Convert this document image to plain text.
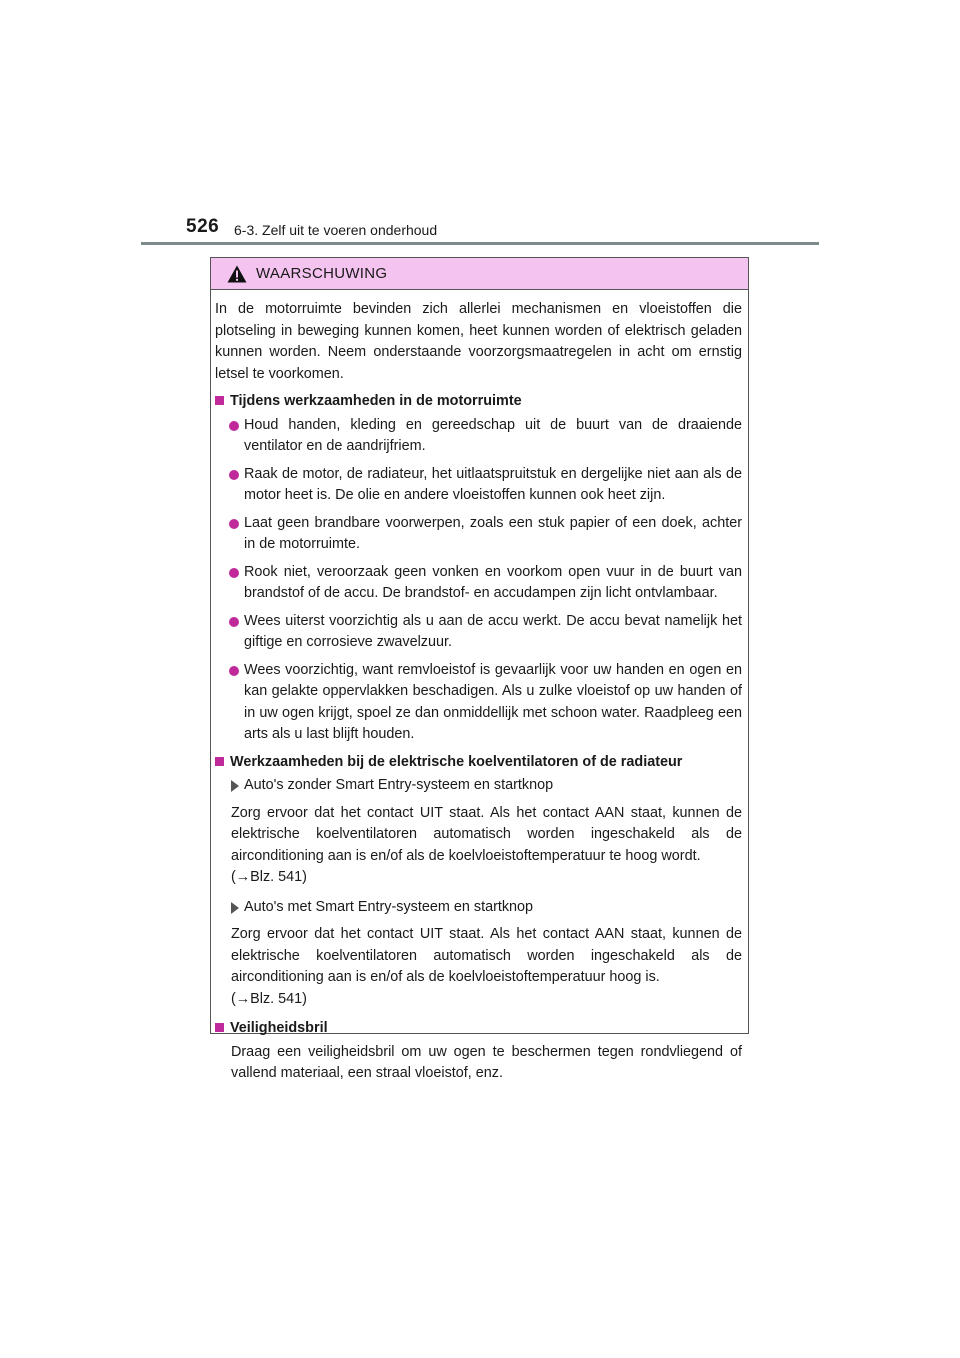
526 6-3. Zelf uit te voeren onderhoud
WAARSCHUWING

In de motorruimte bevinden zich allerlei mechanismen en vloeistoffen die plotseling in beweging kunnen komen, heet kunnen worden of elektrisch geladen kunnen worden. Neem onderstaande voorzorgsmaatregelen in acht om ernstig letsel te voorkomen.

Tijdens werkzaamheden in de motorruimte
Houd handen, kleding en gereedschap uit de buurt van de draaiende ventilator en de aandrijfriem.
Raak de motor, de radiateur, het uitlaatspruitstuk en dergelijke niet aan als de motor heet is. De olie en andere vloeistoffen kunnen ook heet zijn.
Laat geen brandbare voorwerpen, zoals een stuk papier of een doek, achter in de motorruimte.
Rook niet, veroorzaak geen vonken en voorkom open vuur in de buurt van brandstof of de accu. De brandstof- en accudampen zijn licht ontvlambaar.
Wees uiterst voorzichtig als u aan de accu werkt. De accu bevat namelijk het giftige en corrosieve zwavelzuur.
Wees voorzichtig, want remvloeistof is gevaarlijk voor uw handen en ogen en kan gelakte oppervlakken beschadigen. Als u zulke vloeistof op uw handen of in uw ogen krijgt, spoel ze dan onmiddellijk met schoon water. Raadpleeg een arts als u last blijft houden.
Werkzaamheden bij de elektrische koelventilatoren of de radiateur
Auto's zonder Smart Entry-systeem en startknop
Zorg ervoor dat het contact UIT staat. Als het contact AAN staat, kunnen de elektrische koelventilatoren automatisch worden ingeschakeld als de airconditioning aan is en/of als de koelvloeistoftemperatuur te hoog wordt.
(→Blz. 541)
Auto's met Smart Entry-systeem en startknop
Zorg ervoor dat het contact UIT staat. Als het contact AAN staat, kunnen de elektrische koelventilatoren automatisch worden ingeschakeld als de airconditioning aan is en/of als de koelvloeistoftemperatuur hoog is.
(→Blz. 541)
Veiligheidsbril
Draag een veiligheidsbril om uw ogen te beschermen tegen rondvliegend of vallend materiaal, een straal vloeistof, enz.
